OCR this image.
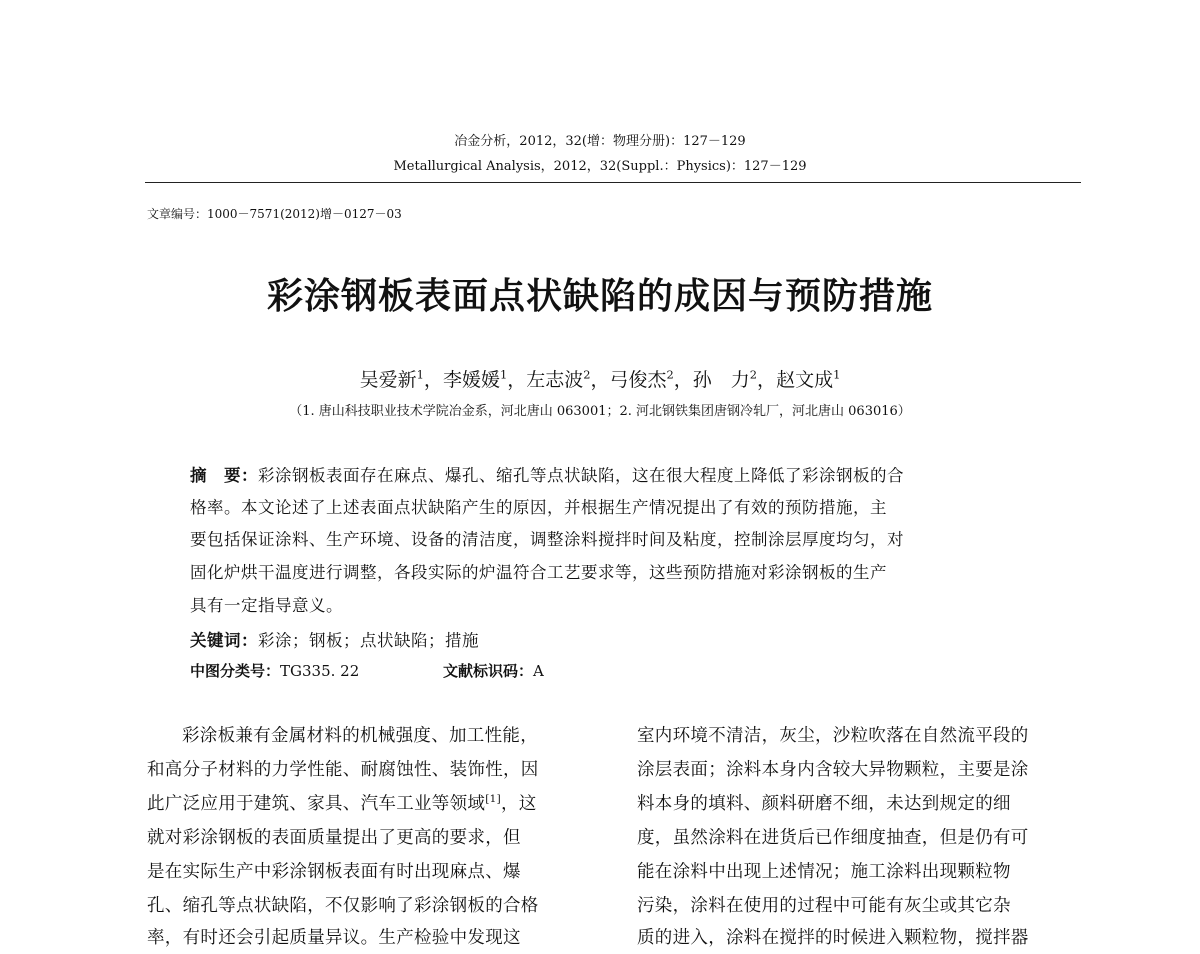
冶金分析，2012，32(增：物理分册)：127－129
Metallurgical Analysis，2012，32(Suppl.：Physics)：127－129
文章编号：1000－7571(2012)增－0127－03
彩涂钢板表面点状缺陷的成因与预防措施
吴爱新$^1$，李媛媛$^1$，左志波$^2$，弓俊杰$^2$，孙　力$^2$，赵文成$^1$
（1. 唐山科技职业技术学院冶金系，河北唐山 063001；2. 河北钢铁集团唐钢冷轧厂，河北唐山 063016）
摘　要：彩涂钢板表面存在麻点、爆孔、缩孔等点状缺陷，这在很大程度上降低了彩涂钢板的合
格率。本文论述了上述表面点状缺陷产生的原因，并根据生产情况提出了有效的预防措施，主
要包括保证涂料、生产环境、设备的清洁度，调整涂料搅拌时间及粘度，控制涂层厚度均匀，对
固化炉烘干温度进行调整，各段实际的炉温符合工艺要求等，这些预防措施对彩涂钢板的生产
具有一定指导意义。
关键词：彩涂；钢板；点状缺陷；措施
中图分类号：TG335. 22	文献标识码：A
彩涂板兼有金属材料的机械强度、加工性能，
和高分子材料的力学性能、耐腐蚀性、装饰性，因
此广泛应用于建筑、家具、汽车工业等领域[1]，这
就对彩涂钢板的表面质量提出了更高的要求，但
是在实际生产中彩涂钢板表面有时出现麻点、爆
孔、缩孔等点状缺陷，不仅影响了彩涂钢板的合格
率，有时还会引起质量异议。生产检验中发现这
室内环境不清洁，灰尘，沙粒吹落在自然流平段的
涂层表面；涂料本身内含较大异物颗粒，主要是涂
料本身的填料、颜料研磨不细，未达到规定的细
度，虽然涂料在进货后已作细度抽查，但是仍有可
能在涂料中出现上述情况；施工涂料出现颗粒物
污染，涂料在使用的过程中可能有灰尘或其它杂
质的进入，涂料在搅拌的时候进入颗粒物，搅拌器
